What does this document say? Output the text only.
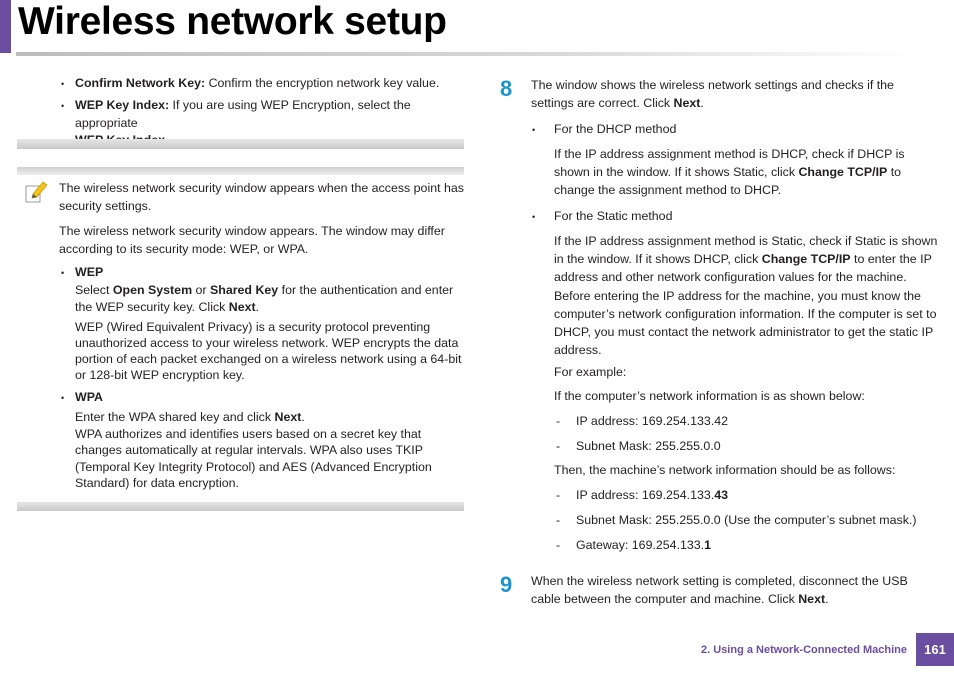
Wireless network setup
• Confirm Network Key: Confirm the encryption network key value.
• WEP Key Index: If you are using WEP Encryption, select the appropriate

The wireless network security window appears when the access point has security settings.
The wireless network security window appears. The window may differ according to its security mode: WEP, or WPA.
• WEP
Select Open System or Shared Key for the authentication and enter the WEP security key. Click Next.
WEP (Wired Equivalent Privacy) is a security protocol preventing unauthorized access to your wireless network. WEP encrypts the data portion of each packet exchanged on a wireless network using a 64-bit or 128-bit WEP encryption key.
• WPA
Enter the WPA shared key and click Next.
WPA authorizes and identifies users based on a secret key that changes automatically at regular intervals. WPA also uses TKIP (Temporal Key Integrity Protocol) and AES (Advanced Encryption Standard) for data encryption.
8 The window shows the wireless network settings and checks if the settings are correct. Click Next.
• For the DHCP method
If the IP address assignment method is DHCP, check if DHCP is shown in the window. If it shows Static, click Change TCP/IP to change the assignment method to DHCP.
• For the Static method
If the IP address assignment method is Static, check if Static is shown in the window. If it shows DHCP, click Change TCP/IP to enter the IP address and other network configuration values for the machine. Before entering the IP address for the machine, you must know the computer’s network configuration information. If the computer is set to DHCP, you must contact the network administrator to get the static IP address.
For example:
If the computer’s network information is as shown below:
- IP address: 169.254.133.42
- Subnet Mask: 255.255.0.0
Then, the machine’s network information should be as follows:
- IP address: 169.254.133.43
- Subnet Mask: 255.255.0.0 (Use the computer’s subnet mask.)
- Gateway: 169.254.133.1
9 When the wireless network setting is completed, disconnect the USB cable between the computer and machine. Click Next.
2. Using a Network-Connected Machine	161
